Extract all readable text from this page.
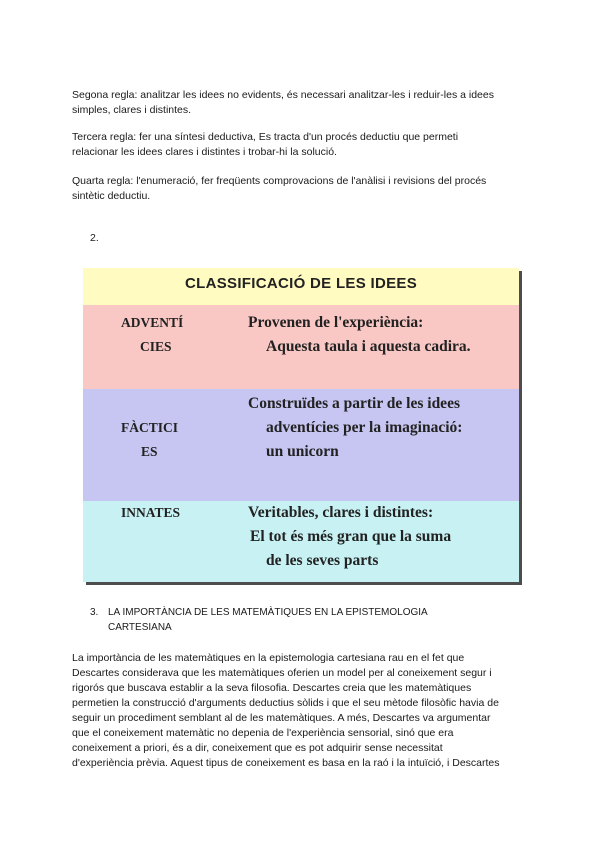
Segona regla: analitzar les idees no evidents, és necessari analitzar-les i reduir-les a idees
simples, clares i distintes.

Tercera regla: fer una síntesi deductiva, Es tracta d'un procés deductiu que permeti
relacionar les idees clares i distintes i trobar-hi la solució.

Quarta regla: l'enumeració, fer freqüents comprovacions de l'anàlisi i revisions del procés
sintètic deductiu.

2.
CLASSIFICACIÓ DE LES IDEES
ADVENTÍ
CIES
Provenen de l'experiència:
Aquesta taula i aquesta cadira.
FÀCTICI
ES
Construïdes a partir de les idees
adventícies per la imaginació:
un unicorn
INNATES	Veritables, clares i distintes:
El tot és més gran que la suma
de les seves parts
3. LA IMPORTÀNCIA DE LES MATEMÀTIQUES EN LA EPISTEMOLOGIA
CARTESIANA

La importància de les matemàtiques en la epistemologia cartesiana rau en el fet que
Descartes considerava que les matemàtiques oferien un model per al coneixement segur i
rigorós que buscava establir a la seva filosofia. Descartes creia que les matemàtiques
permetien la construcció d'arguments deductius sòlids i que el seu mètode filosòfic havia de
seguir un procediment semblant al de les matemàtiques. A més, Descartes va argumentar
que el coneixement matemàtic no depenia de l'experiència sensorial, sinó que era
coneixement a priori, és a dir, coneixement que es pot adquirir sense necessitat
d'experiència prèvia. Aquest tipus de coneixement es basa en la raó i la intuïció, i Descartes
